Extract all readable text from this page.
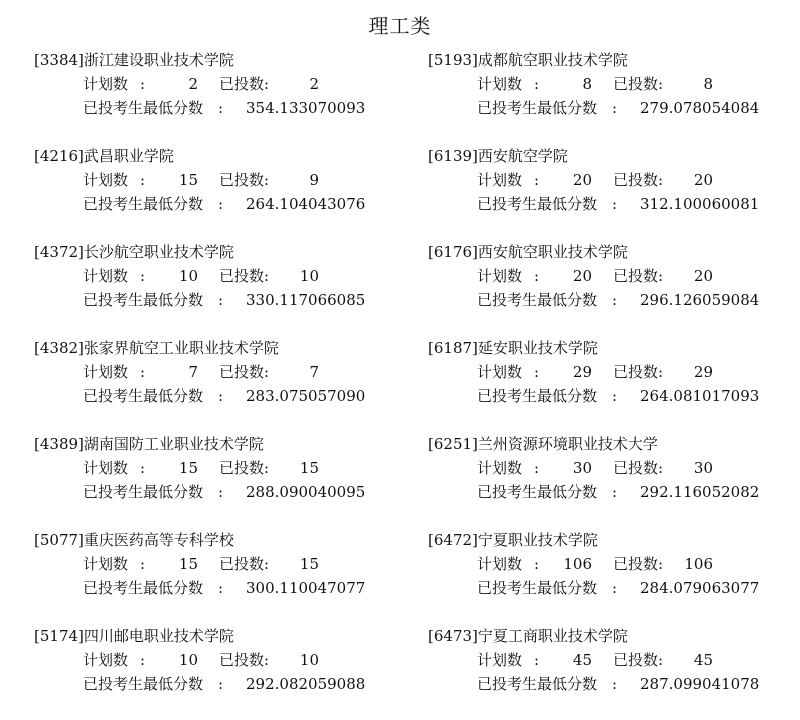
理工类
[3384]浙江建设职业技术学院
计划数 :	2 已投数:	2
已投考生最低分数 : 354.133070093
[4216]武昌职业学院
计划数 :	15 已投数:	9
已投考生最低分数 : 264.104043076
[4372]长沙航空职业技术学院
计划数 :	10 已投数:	10
已投考生最低分数 : 330.117066085
[4382]张家界航空工业职业技术学院
计划数 :	7 已投数:	7
已投考生最低分数 : 283.075057090
[4389]湖南国防工业职业技术学院
计划数 :	15 已投数:	15
已投考生最低分数 : 288.090040095
[5077]重庆医药高等专科学校
计划数 :	15 已投数:	15
已投考生最低分数 : 300.110047077
[5174]四川邮电职业技术学院
计划数 :	10 已投数:	10
已投考生最低分数 : 292.082059088
[5193]成都航空职业技术学院
计划数 :	8 已投数:	8
已投考生最低分数 : 279.078054084
[6139]西安航空学院
计划数 :	20 已投数:	20
已投考生最低分数 : 312.100060081
[6176]西安航空职业技术学院
计划数 :	20 已投数:	20
已投考生最低分数 : 296.126059084
[6187]延安职业技术学院
计划数 :	29 已投数:	29
已投考生最低分数 : 264.081017093
[6251]兰州资源环境职业技术大学
计划数 :	30 已投数:	30
已投考生最低分数 : 292.116052082
[6472]宁夏职业技术学院
计划数 : 106 已投数: 106
已投考生最低分数 : 284.079063077
[6473]宁夏工商职业技术学院
计划数 :	45 已投数:	45
已投考生最低分数 : 287.099041078
